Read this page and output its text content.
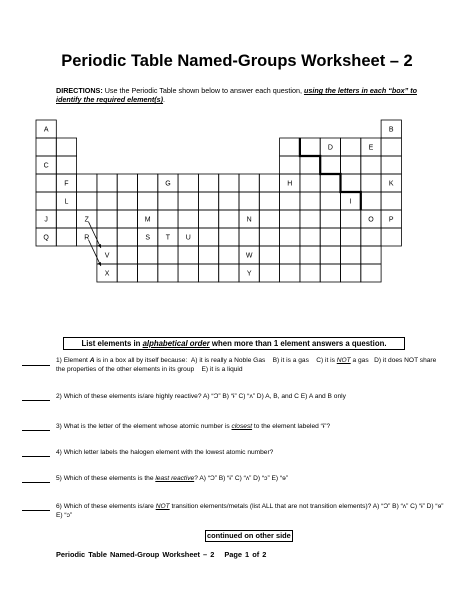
Periodic Table Named-Groups Worksheet – 2
DIRECTIONS: Use the Periodic Table shown below to answer each question, using the letters in each “box” to identify the required element(s).
A	B
D	E
C
F	G	H	K
L	I
J	Z	M	N	O P
Q	R	S T U
V	W
X	Y
List elements in alphabetical order when more than 1 element answers a question.
1) Element A is in a box all by itself because:  A) it is really a Noble Gas B) it is a gas C) it is NOT a gas D) it does NOT share the properties of the other elements in its group E) it is a liquid
2) Which of these elements is/are highly reactive? A) “Ɔ” B) “ɨ” C) “ʌ” D) A, B, and C E) A and B only
3) What is the letter of the element whose atomic number is closest to the element labeled “ɨ”?
4) Which letter labels the halogen element with the lowest atomic number?
5) Which of these elements is the least reactive? A) “Ɔ” B) “ɨ” C) “ʌ” D) “ɔ” E) “ɘ”
6) Which of these elements is/are NOT transition elements/metals (list ALL that are not transition elements)? A) “Ɔ” B) “ʌ” C) “ɨ” D) “ɘ” E) “ɔ”
continued on other side
Periodic Table Named-Group Worksheet – 2 Page 1 of 2
